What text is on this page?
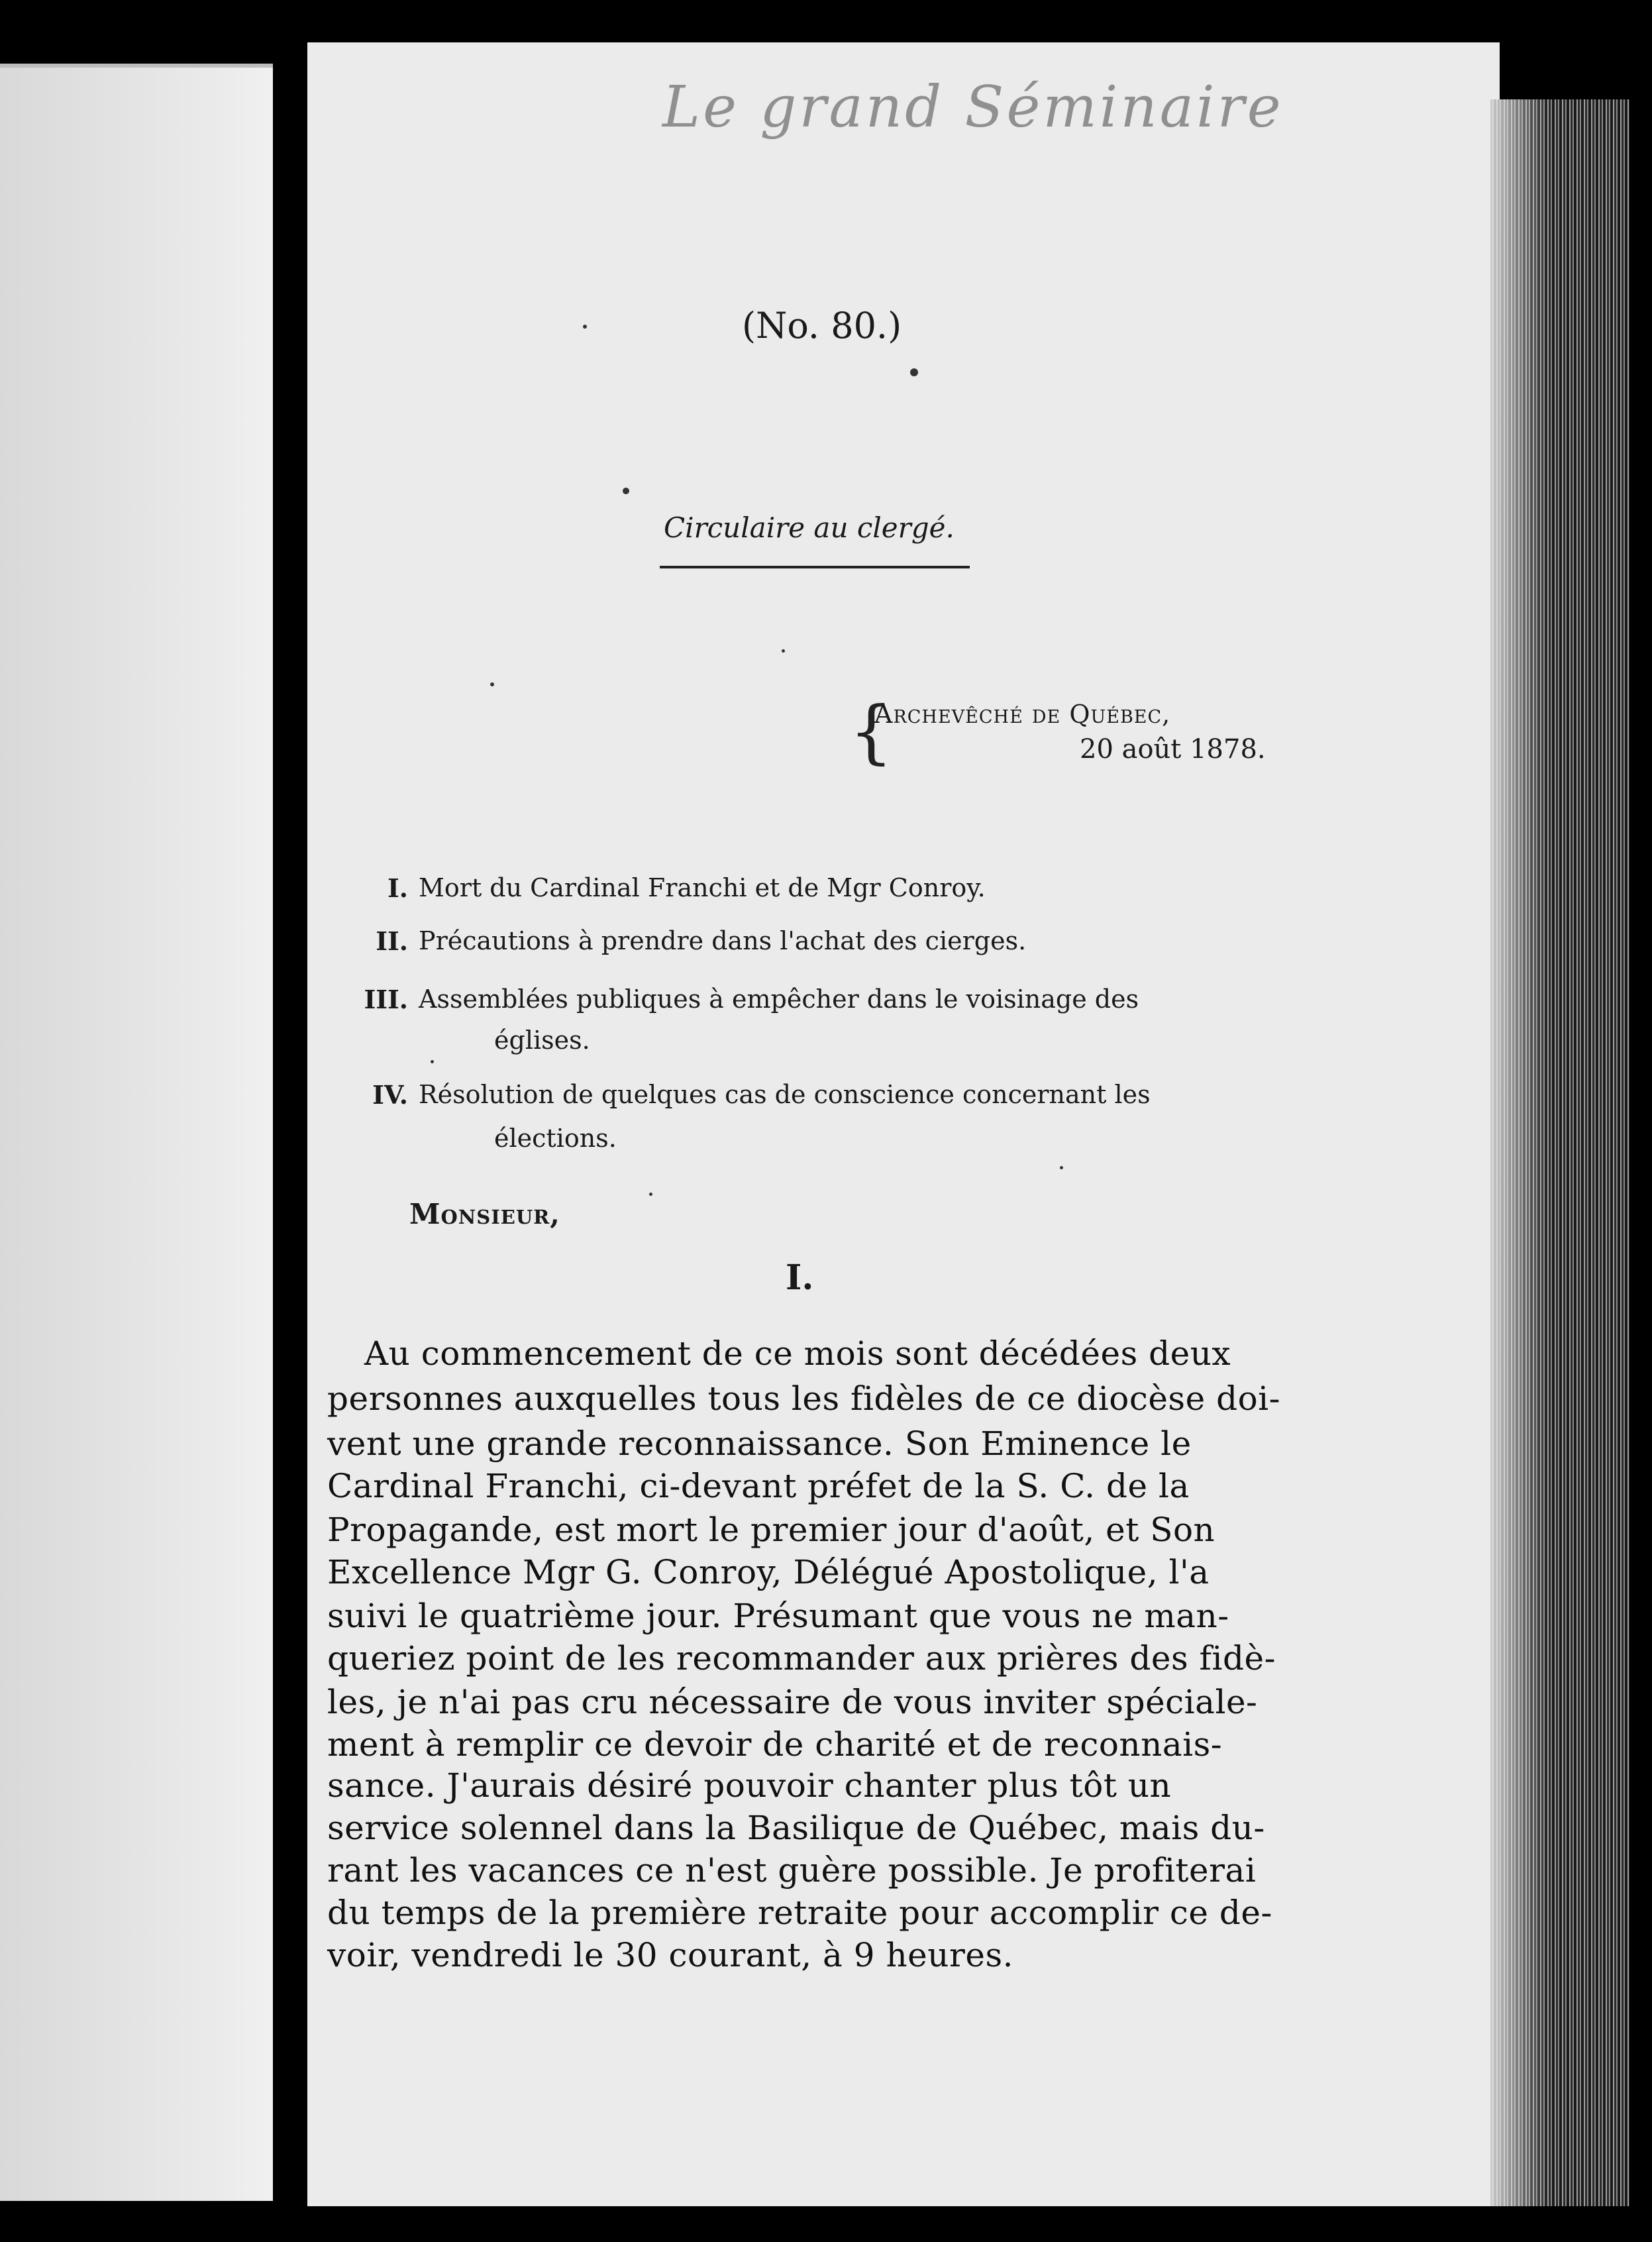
Le grand Séminaire
(No. 80.)
Circulaire au clergé.
{
Archevêché de Québec,
20 août 1878.
I. Mort du Cardinal Franchi et de Mgr Conroy.
II. Précautions à prendre dans l'achat des cierges.
III. Assemblées publiques à empêcher dans le voisinage des
églises.
IV. Résolution de quelques cas de conscience concernant les
élections.
Monsieur,
I.
Au commencement de ce mois sont décédées deux
personnes auxquelles tous les fidèles de ce diocèse doi-
vent une grande reconnaissance. Son Eminence le
Cardinal Franchi, ci-devant préfet de la S. C. de la
Propagande, est mort le premier jour d'août, et Son
Excellence Mgr G. Conroy, Délégué Apostolique, l'a
suivi le quatrième jour. Présumant que vous ne man-
queriez point de les recommander aux prières des fidè-
les, je n'ai pas cru nécessaire de vous inviter spéciale-
ment à remplir ce devoir de charité et de reconnais-
sance. J'aurais désiré pouvoir chanter plus tôt un
service solennel dans la Basilique de Québec, mais du-
rant les vacances ce n'est guère possible. Je profiterai
du temps de la première retraite pour accomplir ce de-
voir, vendredi le 30 courant, à 9 heures.
